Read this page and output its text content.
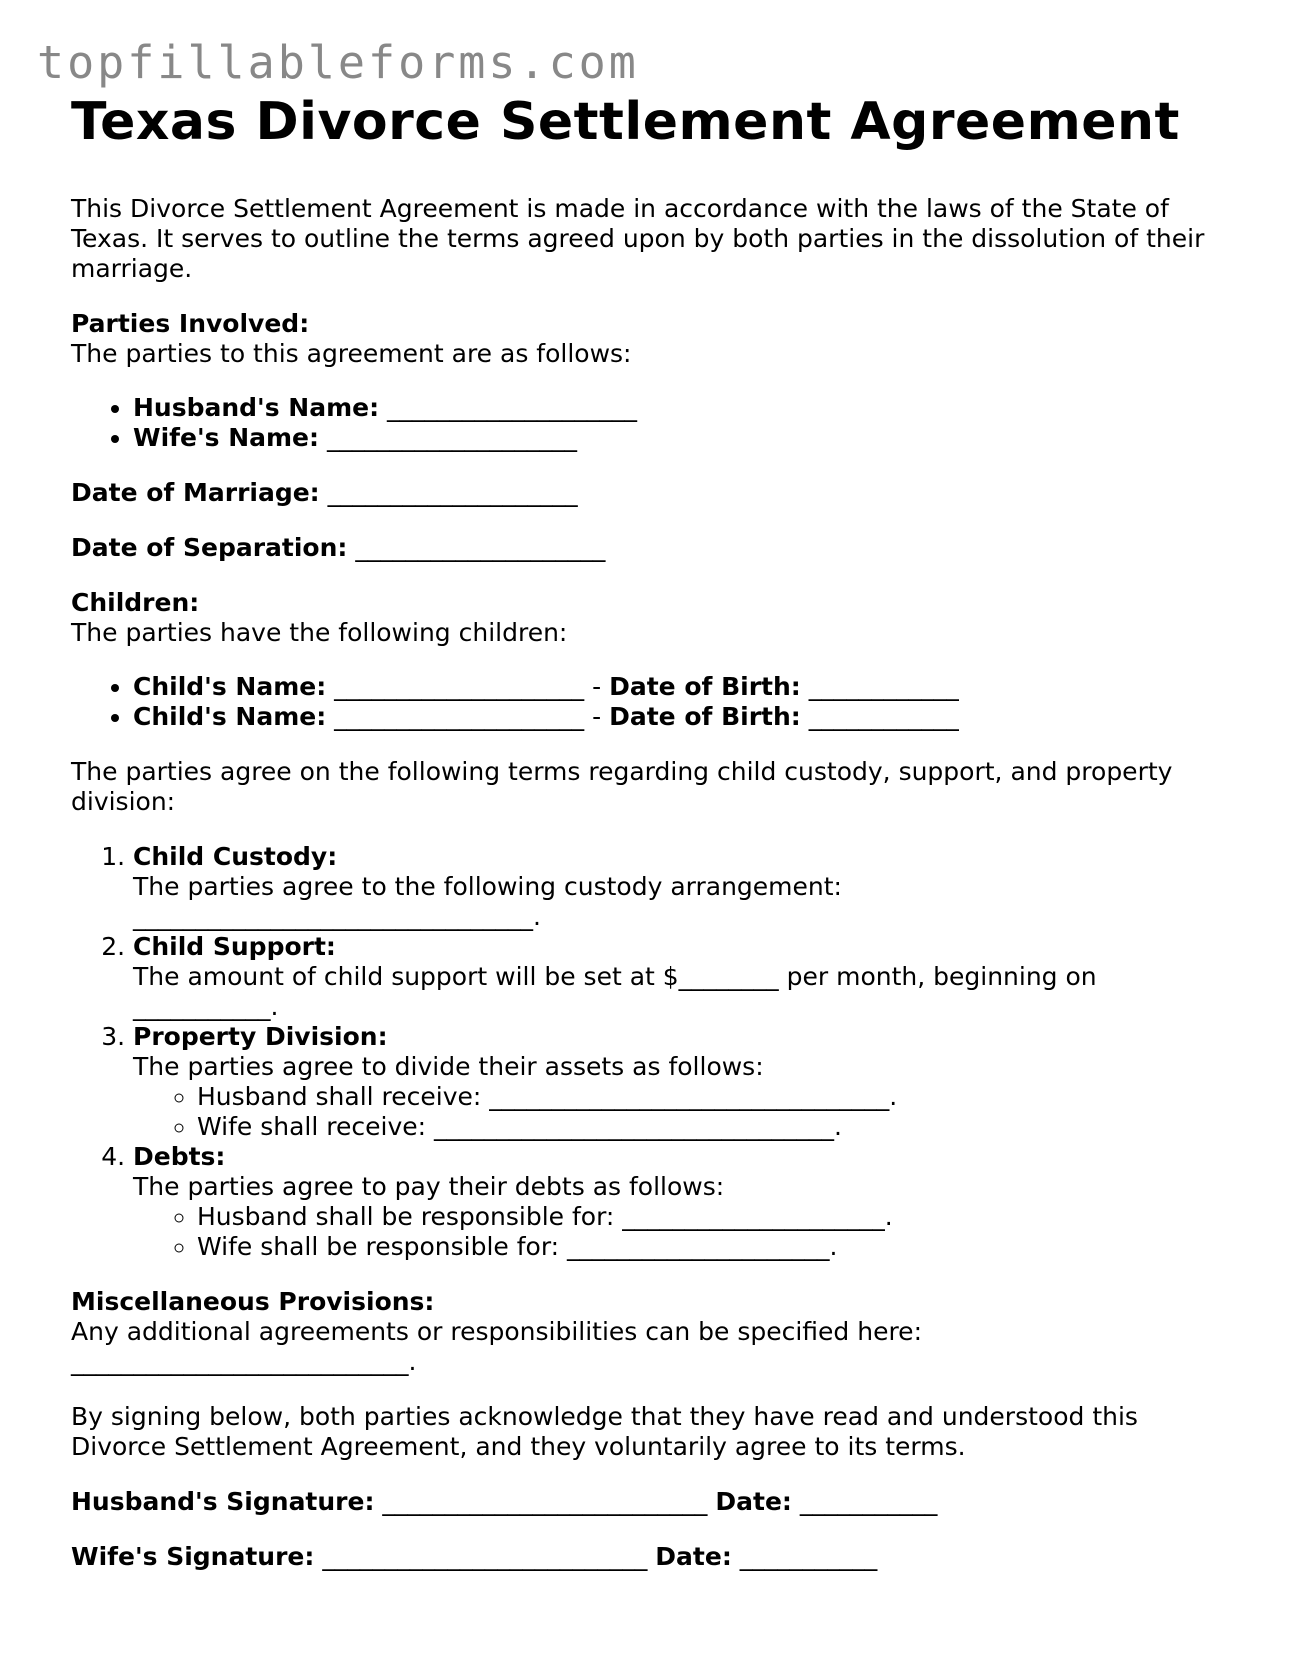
topfillableforms.com
Texas Divorce Settlement Agreement

This Divorce Settlement Agreement is made in accordance with the laws of the State of Texas. It serves to outline the terms agreed upon by both parties in the dissolution of their marriage.

Parties Involved:
The parties to this agreement are as follows:
• Husband's Name: ____________________
• Wife's Name: ____________________

Date of Marriage: ____________________

Date of Separation: ____________________

Children:
The parties have the following children:
• Child's Name: ____________________ - Date of Birth: ____________
• Child's Name: ____________________ - Date of Birth: ____________

The parties agree on the following terms regarding child custody, support, and property division:

1. Child Custody:
The parties agree to the following custody arrangement:
________________________________.
2. Child Support:
The amount of child support will be set at $________ per month, beginning on
___________.
3. Property Division:
The parties agree to divide their assets as follows:
◦ Husband shall receive: ________________________________.
◦ Wife shall receive: ________________________________.
4. Debts:
The parties agree to pay their debts as follows:
◦ Husband shall be responsible for: _____________________.
◦ Wife shall be responsible for: _____________________.
Miscellaneous Provisions:
Any additional agreements or responsibilities can be specified here:
___________________________.

By signing below, both parties acknowledge that they have read and understood this Divorce Settlement Agreement, and they voluntarily agree to its terms.

Husband's Signature: __________________________ Date: ___________

Wife's Signature: __________________________ Date: ___________
